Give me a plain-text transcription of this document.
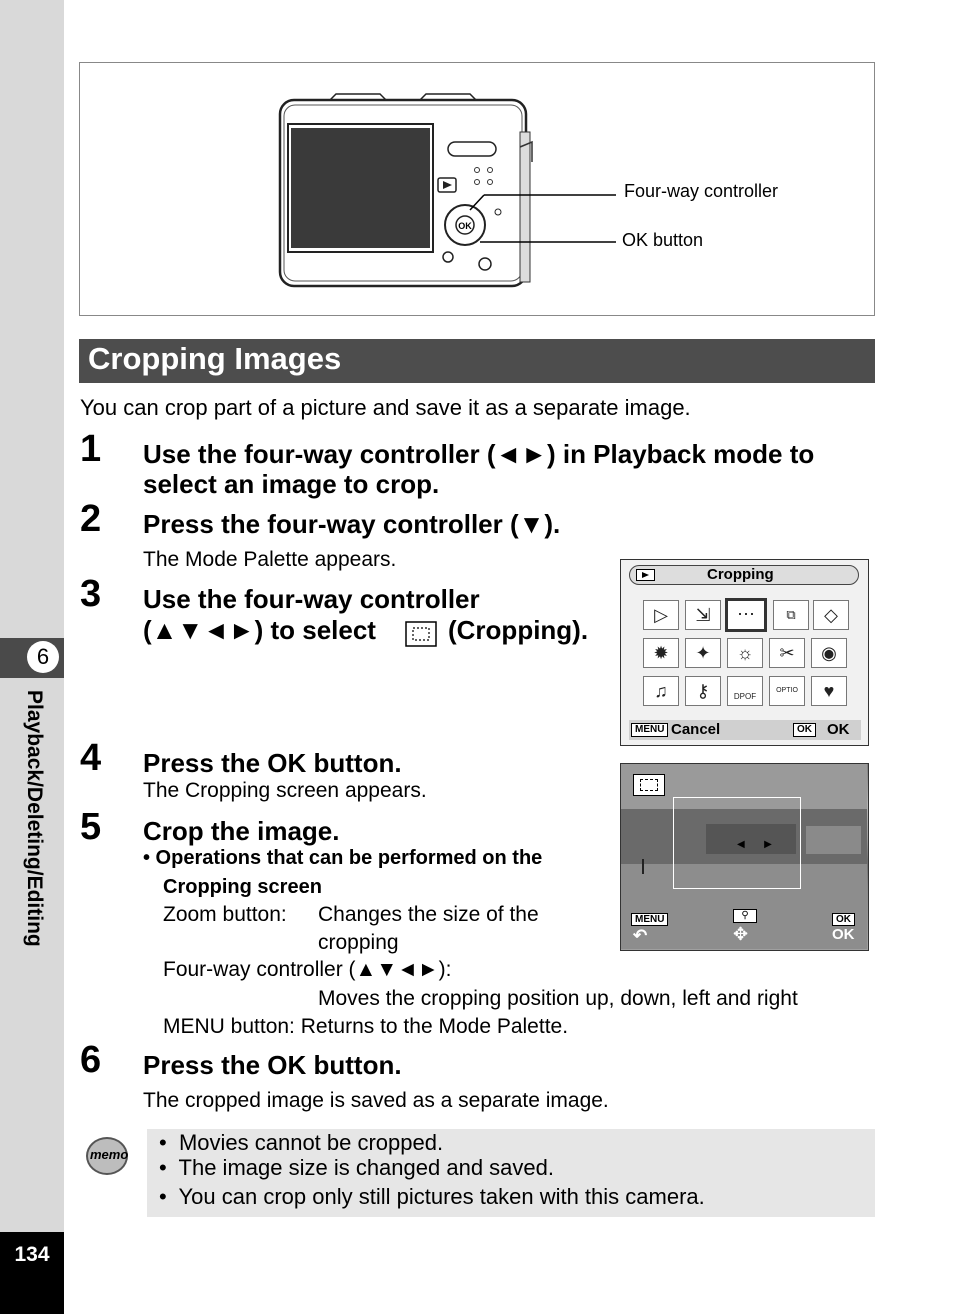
6
Playback/Deleting/Editing
134
OK
Four-way controller
OK button
Cropping Images
You can crop part of a picture and save it as a separate image.
1 Use the four-way controller (◄►) in Playback mode to
select an image to crop.
2 Press the four-way controller (▼).
The Mode Palette appears.
3 Use the four-way controller
(▲▼◄►) to select	(Cropping).
Cropping
▷	⇲	⋯	⧉	◇
✹	✦	☼	✂	◉
♫	⚷	DPOF
OPTIO	♥
MENU Cancel	OK OK
4 Press the OK button.
The Cropping screen appears.
◀       ▶
MENU
↶
⚲
✥
OK
OK
5 Crop the image.
• Operations that can be performed on the
Cropping screen
Zoom button: Changes the size of the
cropping
Four-way controller (▲▼◄►):
Moves the cropping position up, down, left and right
MENU button: Returns to the Mode Palette.
6 Press the OK button.
The cropped image is saved as a separate image.
memo •  Movies cannot be cropped.
•  The image size is changed and saved.
•  You can crop only still pictures taken with this camera.
